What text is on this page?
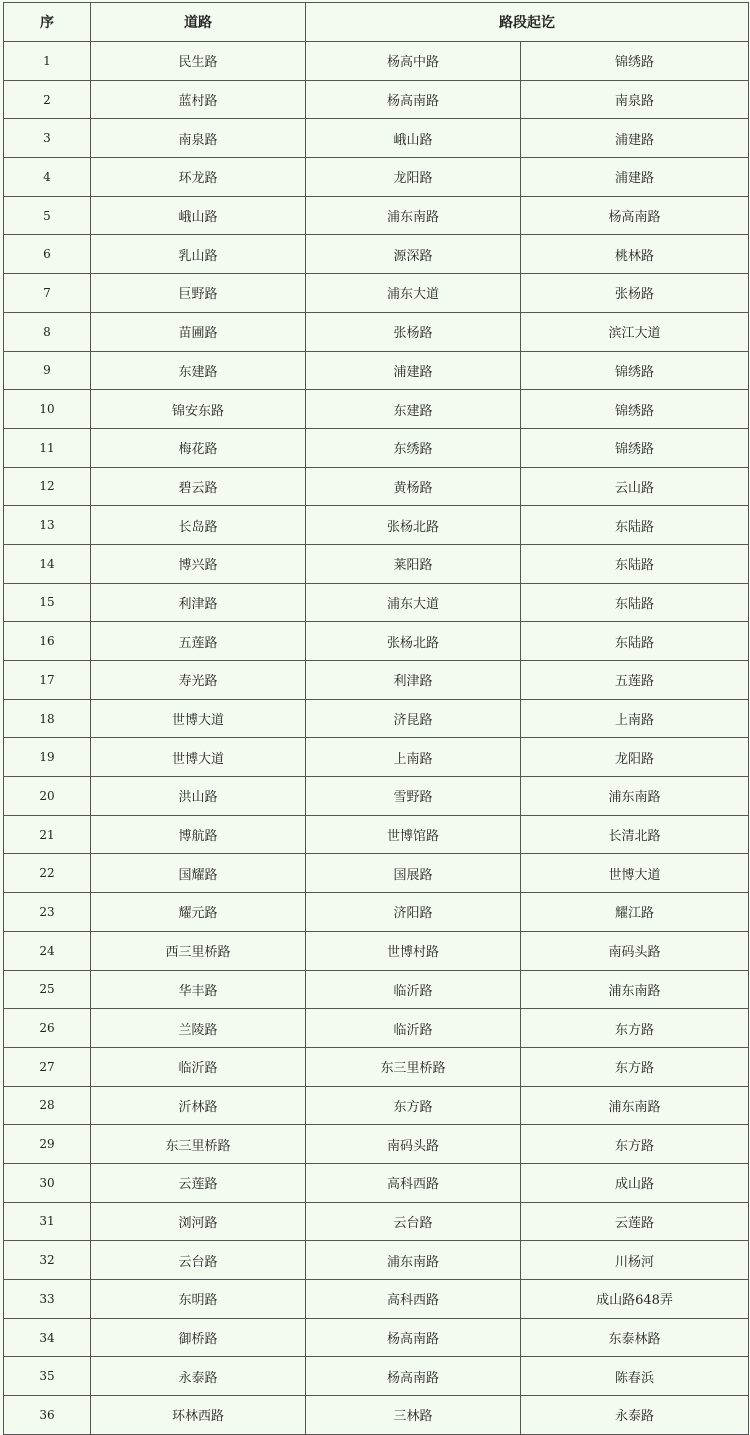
序	道路	路段起讫	
1	民生路	杨高中路	锦绣路
2	蓝村路	杨高南路	南泉路
3	南泉路	峨山路	浦建路
4	环龙路	龙阳路	浦建路
5	峨山路	浦东南路	杨高南路
6	乳山路	源深路	桃林路
7	巨野路	浦东大道	张杨路
8	苗圃路	张杨路	滨江大道
9	东建路	浦建路	锦绣路
10	锦安东路	东建路	锦绣路
11	梅花路	东绣路	锦绣路
12	碧云路	黄杨路	云山路
13	长岛路	张杨北路	东陆路
14	博兴路	莱阳路	东陆路
15	利津路	浦东大道	东陆路
16	五莲路	张杨北路	东陆路
17	寿光路	利津路	五莲路
18	世博大道	济昆路	上南路
19	世博大道	上南路	龙阳路
20	洪山路	雪野路	浦东南路
21	博航路	世博馆路	长清北路
22	国耀路	国展路	世博大道
23	耀元路	济阳路	耀江路
24	西三里桥路	世博村路	南码头路
25	华丰路	临沂路	浦东南路
26	兰陵路	临沂路	东方路
27	临沂路	东三里桥路	东方路
28	沂林路	东方路	浦东南路
29	东三里桥路	南码头路	东方路
30	云莲路	高科西路	成山路
31	浏河路	云台路	云莲路
32	云台路	浦东南路	川杨河
33	东明路	高科西路	成山路648弄
34	御桥路	杨高南路	东泰林路
35	永泰路	杨高南路	陈春浜
36	环林西路	三林路	永泰路
